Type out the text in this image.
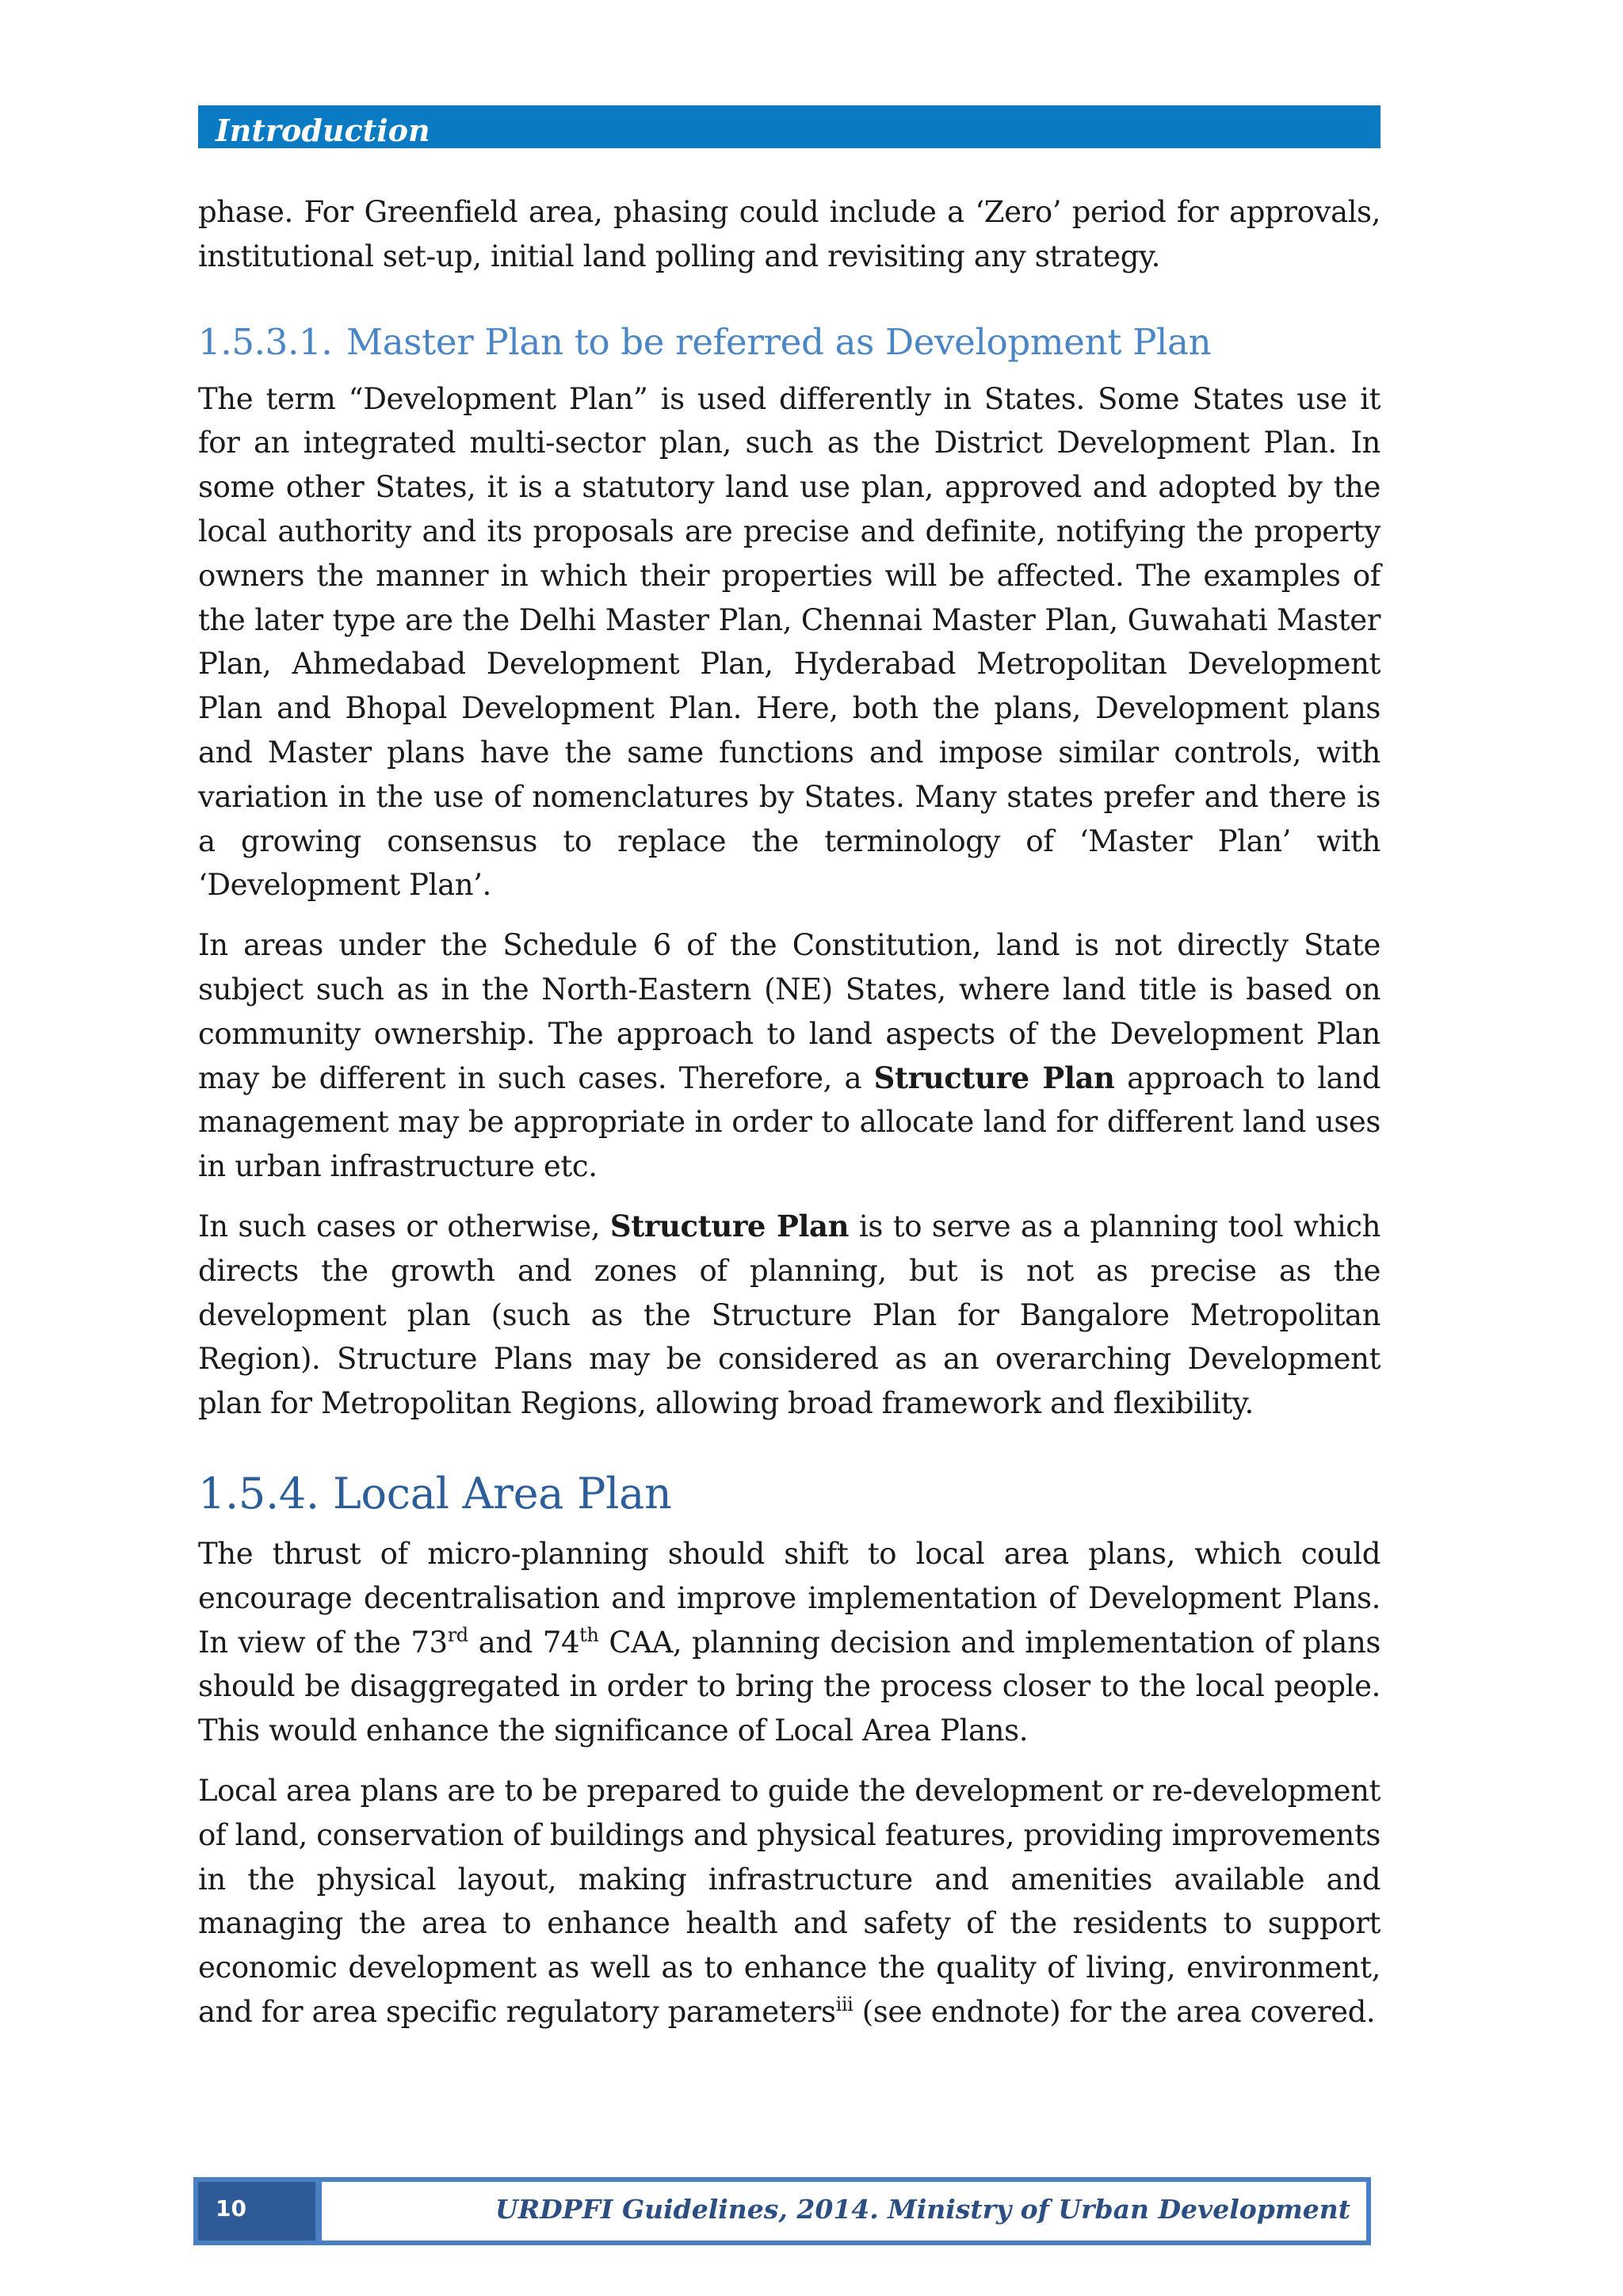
Introduction

phase. For Greenfield area, phasing could include a ‘Zero’ period for approvals, institutional set-up, initial land polling and revisiting any strategy.

1.5.3.1. Master Plan to be referred as Development Plan

The term “Development Plan” is used differently in States. Some States use it for an integrated multi-sector plan, such as the District Development Plan. In some other States, it is a statutory land use plan, approved and adopted by the local authority and its proposals are precise and definite, notifying the property owners the manner in which their properties will be affected. The examples of the later type are the Delhi Master Plan, Chennai Master Plan, Guwahati Master Plan, Ahmedabad Development Plan, Hyderabad Metropolitan Development Plan and Bhopal Development Plan. Here, both the plans, Development plans and Master plans have the same functions and impose similar controls, with variation in the use of nomenclatures by States. Many states prefer and there is a growing consensus to replace the terminology of ‘Master Plan’ with ‘Development Plan’.

In areas under the Schedule 6 of the Constitution, land is not directly State subject such as in the North-Eastern (NE) States, where land title is based on community ownership. The approach to land aspects of the Development Plan may be different in such cases. Therefore, a Structure Plan approach to land management may be appropriate in order to allocate land for different land uses in urban infrastructure etc.

In such cases or otherwise, Structure Plan is to serve as a planning tool which directs the growth and zones of planning, but is not as precise as the development plan (such as the Structure Plan for Bangalore Metropolitan Region). Structure Plans may be considered as an overarching Development plan for Metropolitan Regions, allowing broad framework and flexibility.

1.5.4. Local Area Plan

The thrust of micro-planning should shift to local area plans, which could encourage decentralisation and improve implementation of Development Plans. In view of the 73rd and 74th CAA, planning decision and implementation of plans should be disaggregated in order to bring the process closer to the local people. This would enhance the significance of Local Area Plans.

Local area plans are to be prepared to guide the development or re-development of land, conservation of buildings and physical features, providing improvements in the physical layout, making infrastructure and amenities available and managing the area to enhance health and safety of the residents to support economic development as well as to enhance the quality of living, environment, and for area specific regulatory parameters$^{iii}$ (see endnote) for the area covered.

10	URDPFI Guidelines, 2014. Ministry of Urban Development
